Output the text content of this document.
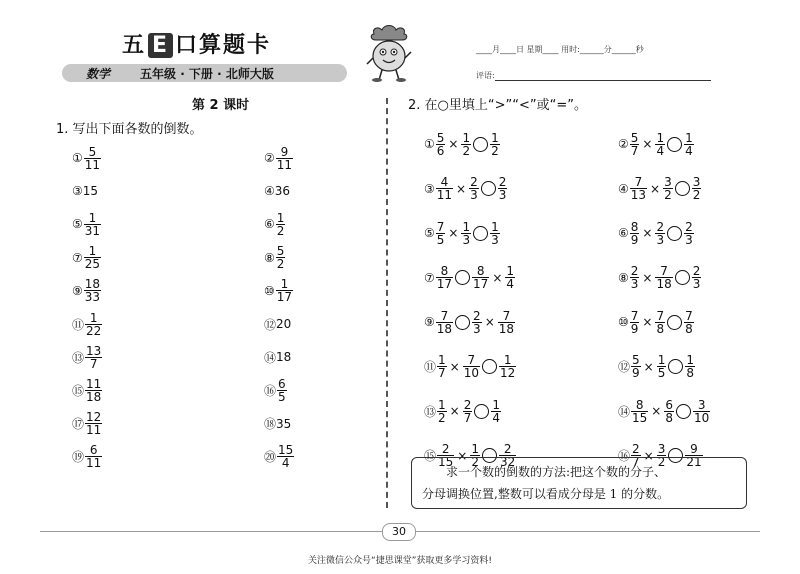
五 E 口算题卡
数学	五年级 · 下册 · 北师大版
____月____日 星期____ 用时:______分______秒
评语:
第 2 课时
1. 写出下面各数的倒数。
2. 在○里填上“>”“<”或“=”。
① $\frac{5}{11}$	② $\frac{9}{11}$
③ 15	④ 36
⑤ $\frac{1}{31}$	⑥ $\frac{1}{2}$
⑦ $\frac{1}{25}$	⑧ $\frac{5}{2}$
⑨ $\frac{18}{33}$	⑩ $\frac{1}{17}$
⑪ $\frac{1}{22}$	⑫ 20
⑬ $\frac{13}{7}$	⑭ 18
⑮ $\frac{11}{18}$	⑯ $\frac{6}{5}$
⑰ $\frac{12}{11}$	⑱ 35
⑲ $\frac{6}{11}$	⑳ $\frac{15}{4}$
① $\frac{5}{6} \times \frac{1}{2} \frac{1}{2}$	② $\frac{5}{7} \times \frac{1}{4} \frac{1}{4}$
③ $\frac{4}{11} \times \frac{2}{3} \frac{2}{3}$	④ $\frac{7}{13} \times \frac{3}{2} \frac{3}{2}$
⑤ $\frac{7}{5} \times \frac{1}{3} \frac{1}{3}$	⑥ $\frac{8}{9} \times \frac{2}{3} \frac{2}{3}$
⑦ $\frac{8}{17} \frac{8}{17} \times \frac{1}{4}$	⑧ $\frac{2}{3} \times \frac{7}{18} \frac{2}{3}$
⑨ $\frac{7}{18} \frac{2}{3} \times \frac{7}{18}$	⑩ $\frac{7}{9} \times \frac{7}{8} \frac{7}{8}$
⑪ $\frac{1}{7} \times \frac{7}{10} \frac{1}{12}$	⑫ $\frac{5}{9} \times \frac{1}{5} \frac{1}{8}$
⑬ $\frac{1}{2} \times \frac{2}{7} \frac{1}{4}$	⑭ $\frac{8}{15} \times \frac{6}{8} \frac{3}{10}$
⑮ $\frac{2}{15} \times \frac{1}{2} \frac{2}{32}$	⑯ $\frac{2}{7} \times \frac{3}{2} \frac{9}{21}$
求一个数的倒数的方法:把这个数的分子、
分母调换位置,整数可以看成分母是 1 的分数。
30
关注微信公众号“捷思课堂”获取更多学习资料!
